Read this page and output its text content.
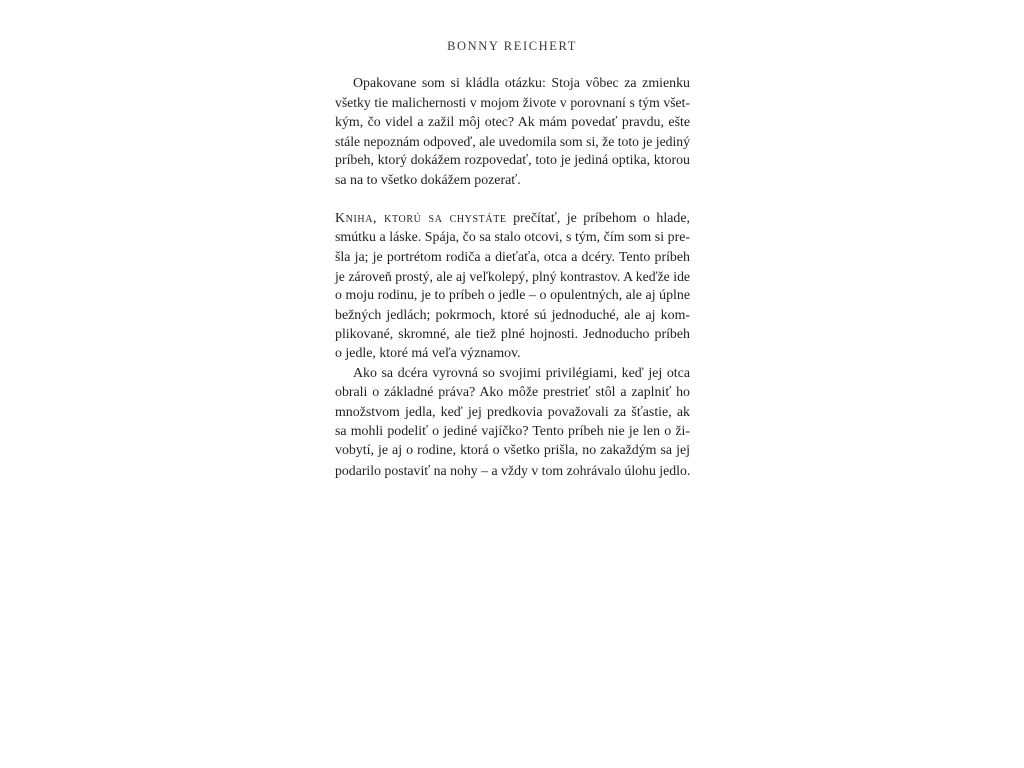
BONNY REICHERT
Opakovane som si kládla otázku: Stoja vôbec za zmienku
všetky tie malichernosti v mojom živote v porovnaní s tým všet-
kým, čo videl a zažil môj otec? Ak mám povedať pravdu, ešte
stále nepoznám odpoveď, ale uvedomila som si, že toto je jediný
príbeh, ktorý dokážem rozpovedať, toto je jediná optika, ktorou
sa na to všetko dokážem pozerať.
Kniha, ktorú sa chystáte prečítať, je príbehom o hlade,
smútku a láske. Spája, čo sa stalo otcovi, s tým, čím som si pre-
šla ja; je portrétom rodiča a dieťaťa, otca a dcéry. Tento príbeh
je zároveň prostý, ale aj veľkolepý, plný kontrastov. A keďže ide
o moju rodinu, je to príbeh o jedle – o opulentných, ale aj úplne
bežných jedlách; pokrmoch, ktoré sú jednoduché, ale aj kom-
plikované, skromné, ale tiež plné hojnosti. Jednoducho príbeh
o jedle, ktoré má veľa významov.
Ako sa dcéra vyrovná so svojimi privilégiami, keď jej otca
obrali o základné práva? Ako môže prestrieť stôl a zaplniť ho
množstvom jedla, keď jej predkovia považovali za šťastie, ak
sa mohli podeliť o jediné vajíčko? Tento príbeh nie je len o ži-
vobytí, je aj o rodine, ktorá o všetko prišla, no zakaždým sa jej
podarilo postaviť na nohy – a vždy v tom zohrávalo úlohu jedlo.
